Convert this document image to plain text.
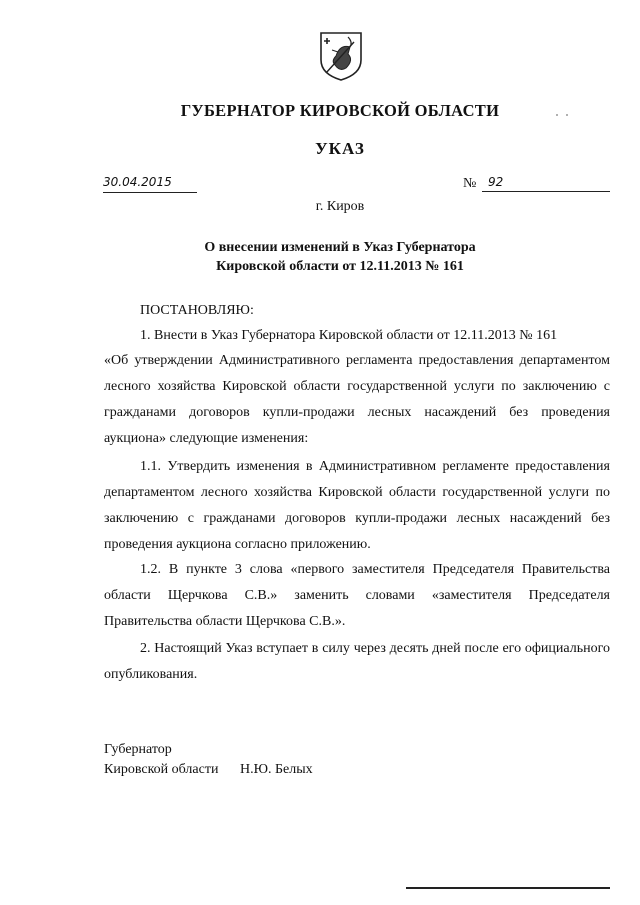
ГУБЕРНАТОР КИРОВСКОЙ ОБЛАСТИ
УКАЗ
30.04.2015	№ 92
г. Киров
О внесении изменений в Указ Губернатора
Кировской области от 12.11.2013 № 161
ПОСТАНОВЛЯЮ:
1. Внести в Указ Губернатора Кировской области от 12.11.2013 № 161
«Об утверждении Административного регламента предоставления департаментом лесного хозяйства Кировской области государственной услуги по заключению с гражданами договоров купли-продажи лесных насаждений без проведения аукциона» следующие изменения:
1.1. Утвердить изменения в Административном регламенте предоставления департаментом лесного хозяйства Кировской области государственной услуги по заключению с гражданами договоров купли-продажи лесных насаждений без проведения аукциона согласно приложению.
1.2. В пункте 3 слова «первого заместителя Председателя Правительства области Щерчкова С.В.» заменить словами «заместителя Председателя Правительства области Щерчкова С.В.».
2. Настоящий Указ вступает в силу через десять дней после его официального опубликования.
Губернатор
Кировской области Н.Ю. Белых
